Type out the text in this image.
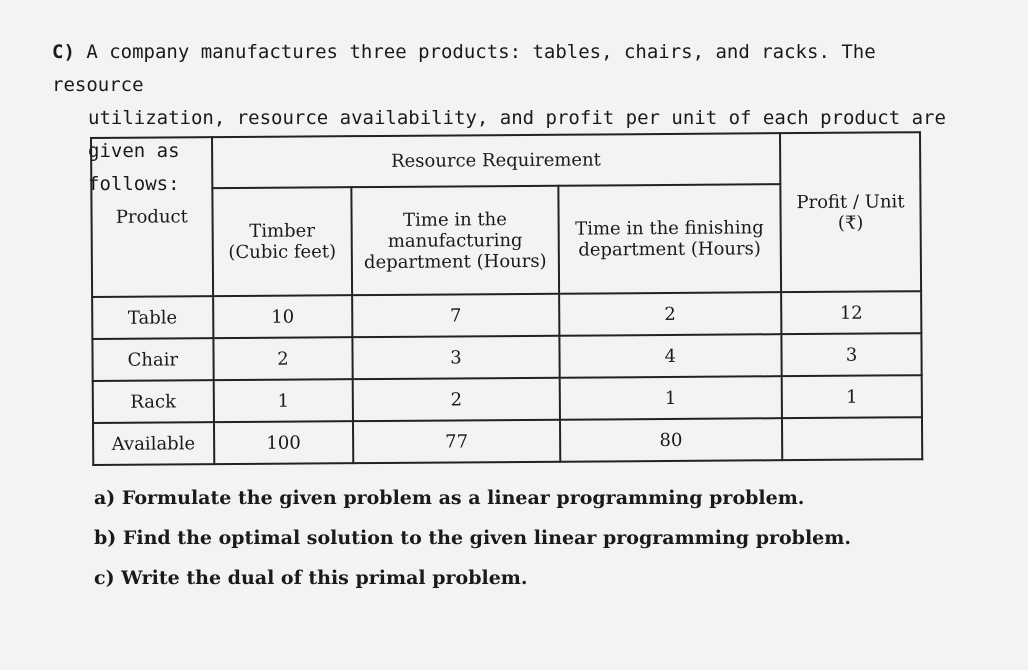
C) A company manufactures three products: tables, chairs, and racks. The resource
utilization, resource availability, and profit per unit of each product are given as
follows:
Product	Resource Requirement			Profit / Unit (₹)
	Timber (Cubic feet)	Time in the manufacturing department (Hours)	Time in the finishing department (Hours)	
Table	10	7	2	12
Chair	2	3	4	3
Rack	1	2	1	1
Available	100	77	80	
a) Formulate the given problem as a linear programming problem.
b) Find the optimal solution to the given linear programming problem.
c) Write the dual of this primal problem.
